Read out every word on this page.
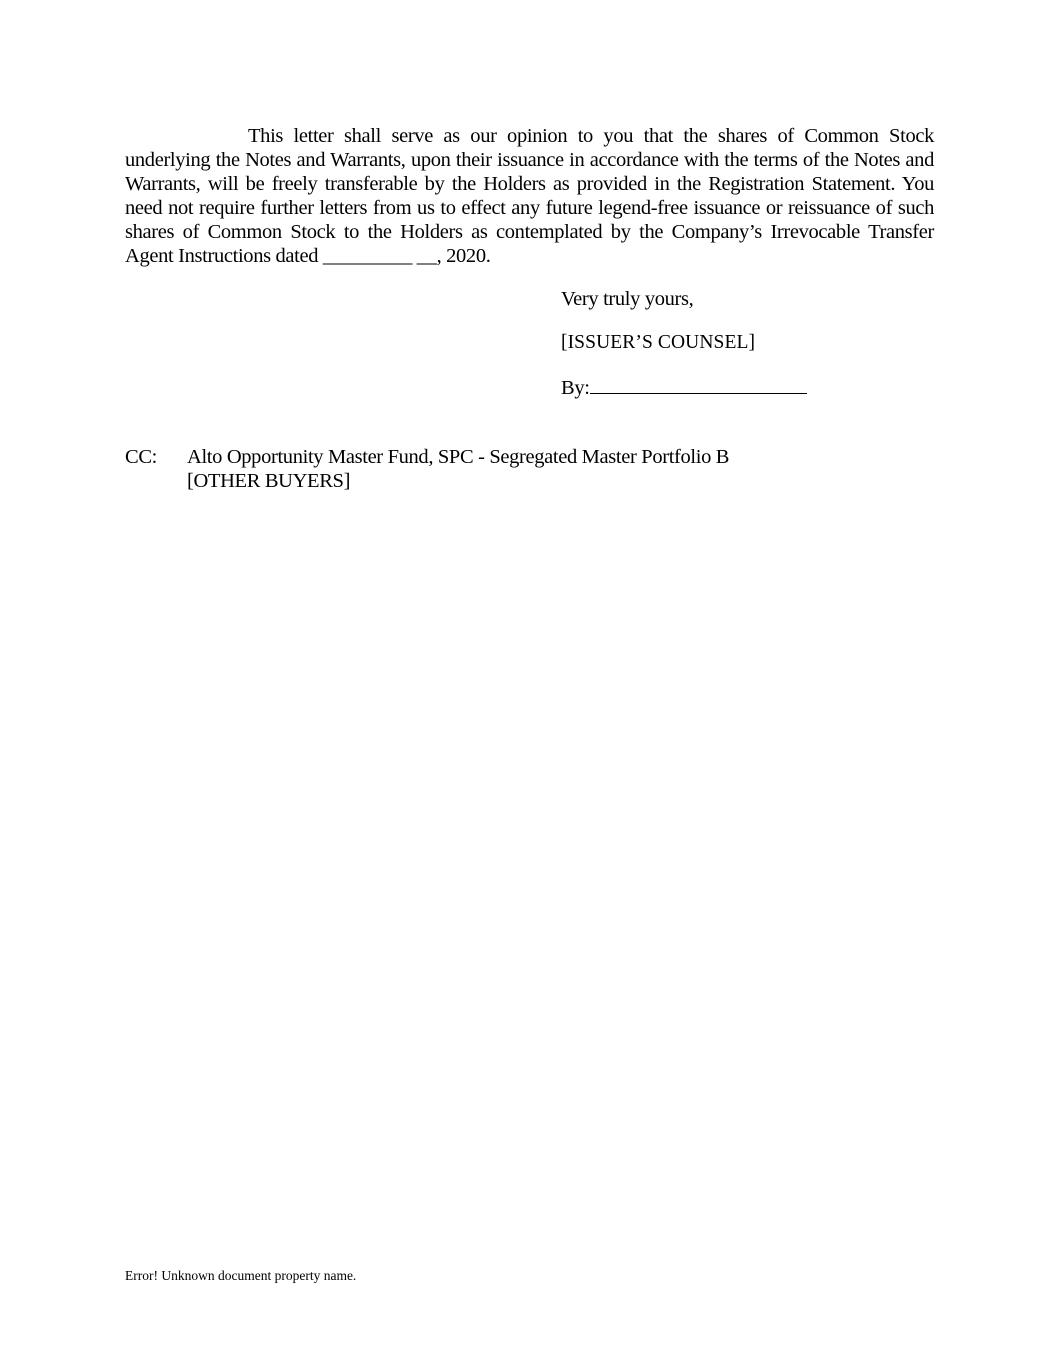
This letter shall serve as our opinion to you that the shares of Common Stock underlying the Notes and Warrants, upon their issuance in accordance with the terms of the Notes and Warrants, will be freely transferable by the Holders as provided in the Registration Statement. You need not require further letters from us to effect any future legend-free issuance or reissuance of such shares of Common Stock to the Holders as contemplated by the Company’s Irrevocable Transfer Agent Instructions dated _________ __, 2020.

Very truly yours,

[ISSUER’S COUNSEL]

By:

CC:	Alto Opportunity Master Fund, SPC - Segregated Master Portfolio B
[OTHER BUYERS]
Error! Unknown document property name.
